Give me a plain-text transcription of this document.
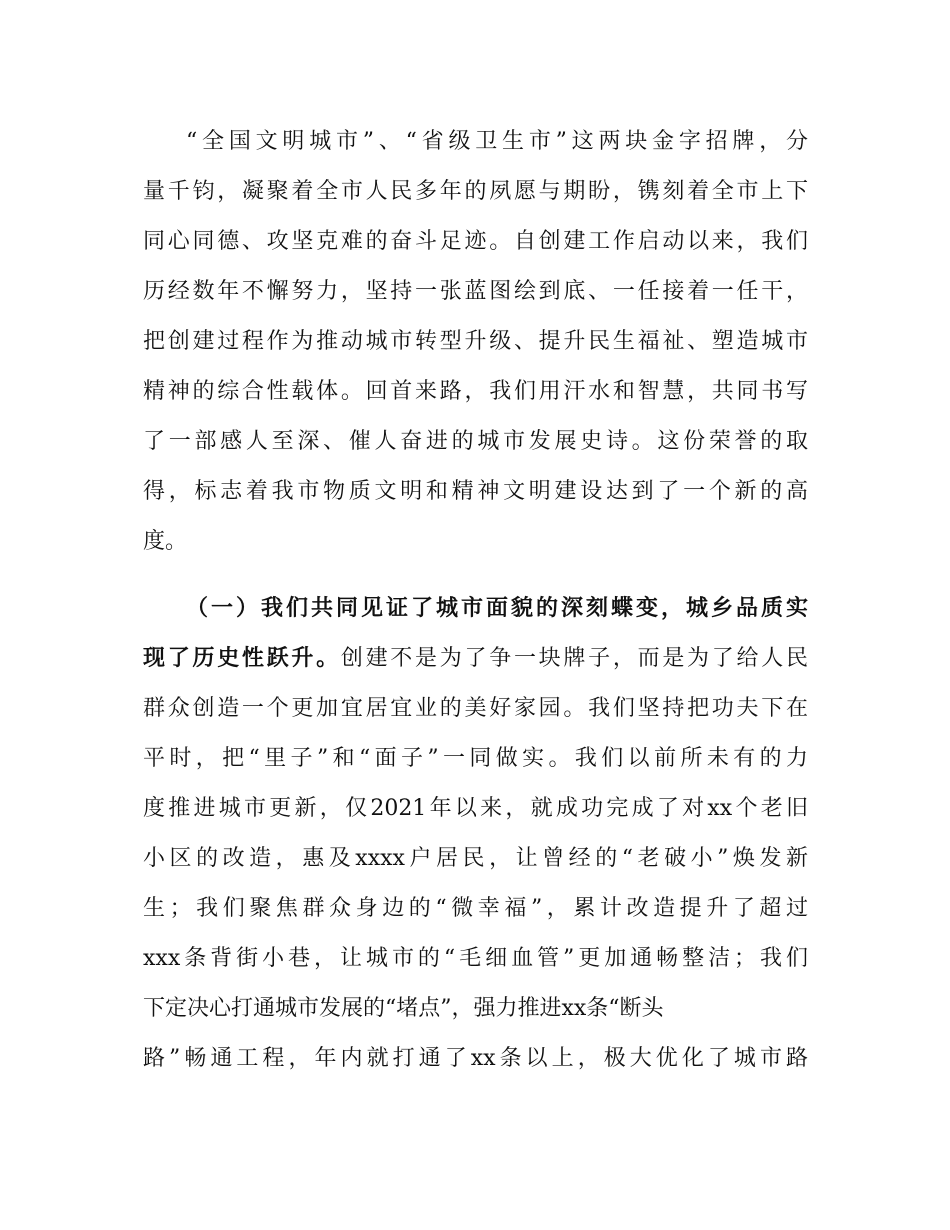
“全国文明城市”、“省级卫生市”这两块金字招牌，分
量千钧，凝聚着全市人民多年的夙愿与期盼，镌刻着全市上下
同心同德、攻坚克难的奋斗足迹。自创建工作启动以来，我们
历经数年不懈努力，坚持一张蓝图绘到底、一任接着一任干，
把创建过程作为推动城市转型升级、提升民生福祉、塑造城市
精神的综合性载体。回首来路，我们用汗水和智慧，共同书写
了一部感人至深、催人奋进的城市发展史诗。这份荣誉的取
得，标志着我市物质文明和精神文明建设达到了一个新的高
度。
（一）我们共同见证了城市面貌的深刻蝶变，城乡品质实
现了历史性跃升。创建不是为了争一块牌子，而是为了给人民
群众创造一个更加宜居宜业的美好家园。我们坚持把功夫下在
平时，把“里子”和“面子”一同做实。我们以前所未有的力
度推进城市更新，仅2021年以来，就成功完成了对xx个老旧
小区的改造，惠及xxxx户居民，让曾经的“老破小”焕发新
生；我们聚焦群众身边的“微幸福”，累计改造提升了超过
xxx条背街小巷，让城市的“毛细血管”更加通畅整洁；我们
下定决心打通城市发展的“堵点”，强力推进xx条“断头
路”畅通工程，年内就打通了xx条以上，极大优化了城市路
